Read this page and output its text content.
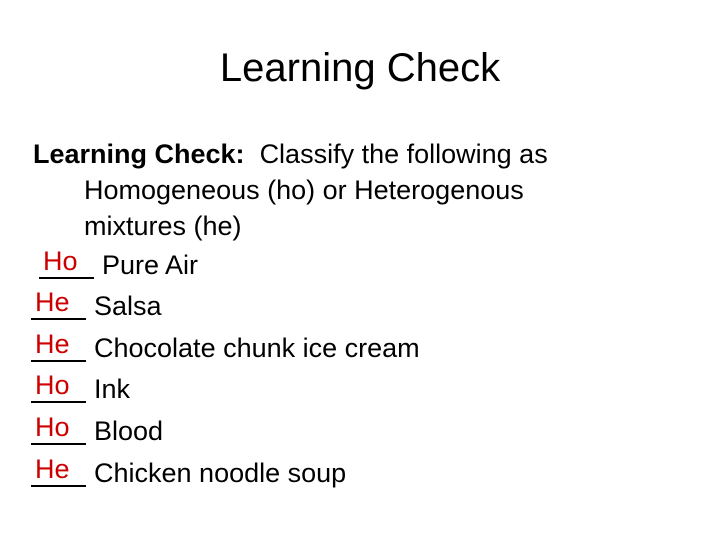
Learning Check
Learning Check: Classify the following as
Homogeneous (ho) or Heterogenous
mixtures (he)
Ho Pure Air
He Salsa
He Chocolate chunk ice cream
Ho Ink
Ho Blood
He Chicken noodle soup
